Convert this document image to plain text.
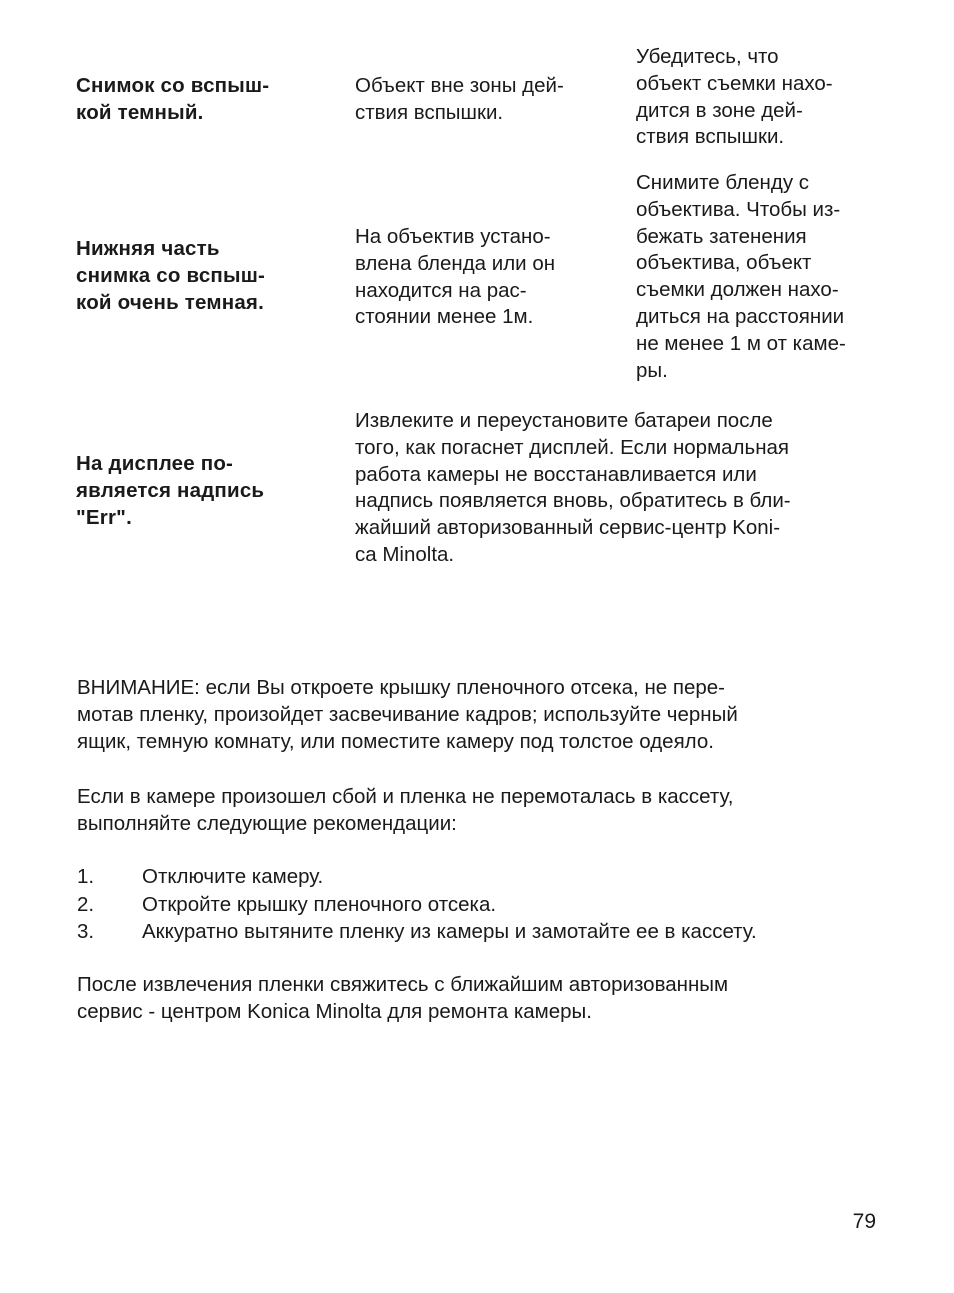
Снимок со вспыш-
кой темный.
Объект вне зоны дей-
ствия вспышки.
Убедитесь, что
объект съемки нахо-
дится в зоне дей-
ствия вспышки.
Нижняя часть
снимка со вспыш-
кой очень темная.
На объектив устано-
влена бленда или он
находится на рас-
стоянии менее 1м.
Снимите бленду с
объектива. Чтобы из-
бежать затенения
объектива, объект
съемки должен нахо-
диться на расстоянии
не менее 1 м от каме-
ры.
На дисплее по-
является надпись
"Err".
Извлеките и переустановите батареи после
того, как погаснет дисплей. Если нормальная
работа камеры не восстанавливается или
надпись появляется вновь, обратитесь в бли-
жайший авторизованный сервис-центр Koni-
ca Minolta.
ВНИМАНИЕ: если Вы откроете крышку пленочного отсека, не пере-
мотав пленку, произойдет засвечивание кадров; используйте черный
ящик, темную комнату, или поместите камеру под толстое одеяло.
Если в камере произошел сбой и пленка не перемоталась в кассету,
выполняйте следующие рекомендации:
1. Отключите камеру.
2. Откройте крышку пленочного отсека.
3. Аккуратно вытяните пленку из камеры и замотайте ее в кассету.
После извлечения пленки свяжитесь с ближайшим авторизованным
сервис - центром Konica Minolta для ремонта камеры.
79
